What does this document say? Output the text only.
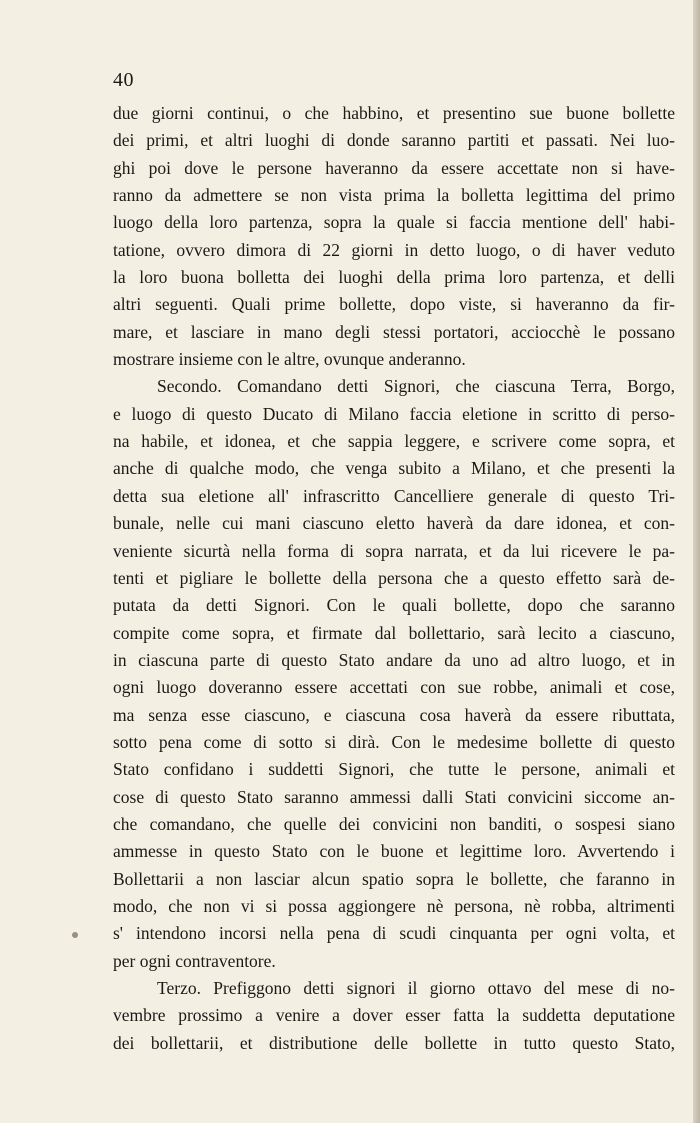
40
due giorni continui, o che habbino, et presentino sue buone bollette
dei primi, et altri luoghi di donde saranno partiti et passati. Nei luo-
ghi poi dove le persone haveranno da essere accettate non si have-
ranno da admettere se non vista prima la bolletta legittima del primo
luogo della loro partenza, sopra la quale si faccia mentione dell' habi-
tatione, ovvero dimora di 22 giorni in detto luogo, o di haver veduto
la loro buona bolletta dei luoghi della prima loro partenza, et delli
altri seguenti. Quali prime bollette, dopo viste, si haveranno da fir-
mare, et lasciare in mano degli stessi portatori, acciocchè le possano
mostrare insieme con le altre, ovunque anderanno.
Secondo. Comandano detti Signori, che ciascuna Terra, Borgo,
e luogo di questo Ducato di Milano faccia eletione in scritto di perso-
na habile, et idonea, et che sappia leggere, e scrivere come sopra, et
anche di qualche modo, che venga subito a Milano, et che presenti la
detta sua eletione all' infrascritto Cancelliere generale di questo Tri-
bunale, nelle cui mani ciascuno eletto haverà da dare idonea, et con-
veniente sicurtà nella forma di sopra narrata, et da lui ricevere le pa-
tenti et pigliare le bollette della persona che a questo effetto sarà de-
putata da detti Signori. Con le quali bollette, dopo che saranno
compite come sopra, et firmate dal bollettario, sarà lecito a ciascuno,
in ciascuna parte di questo Stato andare da uno ad altro luogo, et in
ogni luogo doveranno essere accettati con sue robbe, animali et cose,
ma senza esse ciascuno, e ciascuna cosa haverà da essere ributtata,
sotto pena come di sotto si dirà. Con le medesime bollette di questo
Stato confidano i suddetti Signori, che tutte le persone, animali et
cose di questo Stato saranno ammessi dalli Stati convicini siccome an-
che comandano, che quelle dei convicini non banditi, o sospesi siano
ammesse in questo Stato con le buone et legittime loro. Avvertendo i
Bollettarii a non lasciar alcun spatio sopra le bollette, che faranno in
modo, che non vi si possa aggiongere nè persona, nè robba, altrimenti
s' intendono incorsi nella pena di scudi cinquanta per ogni volta, et
per ogni contraventore.
Terzo. Prefiggono detti signori il giorno ottavo del mese di no-
vembre prossimo a venire a dover esser fatta la suddetta deputatione
dei bollettarii, et distributione delle bollette in tutto questo Stato,
